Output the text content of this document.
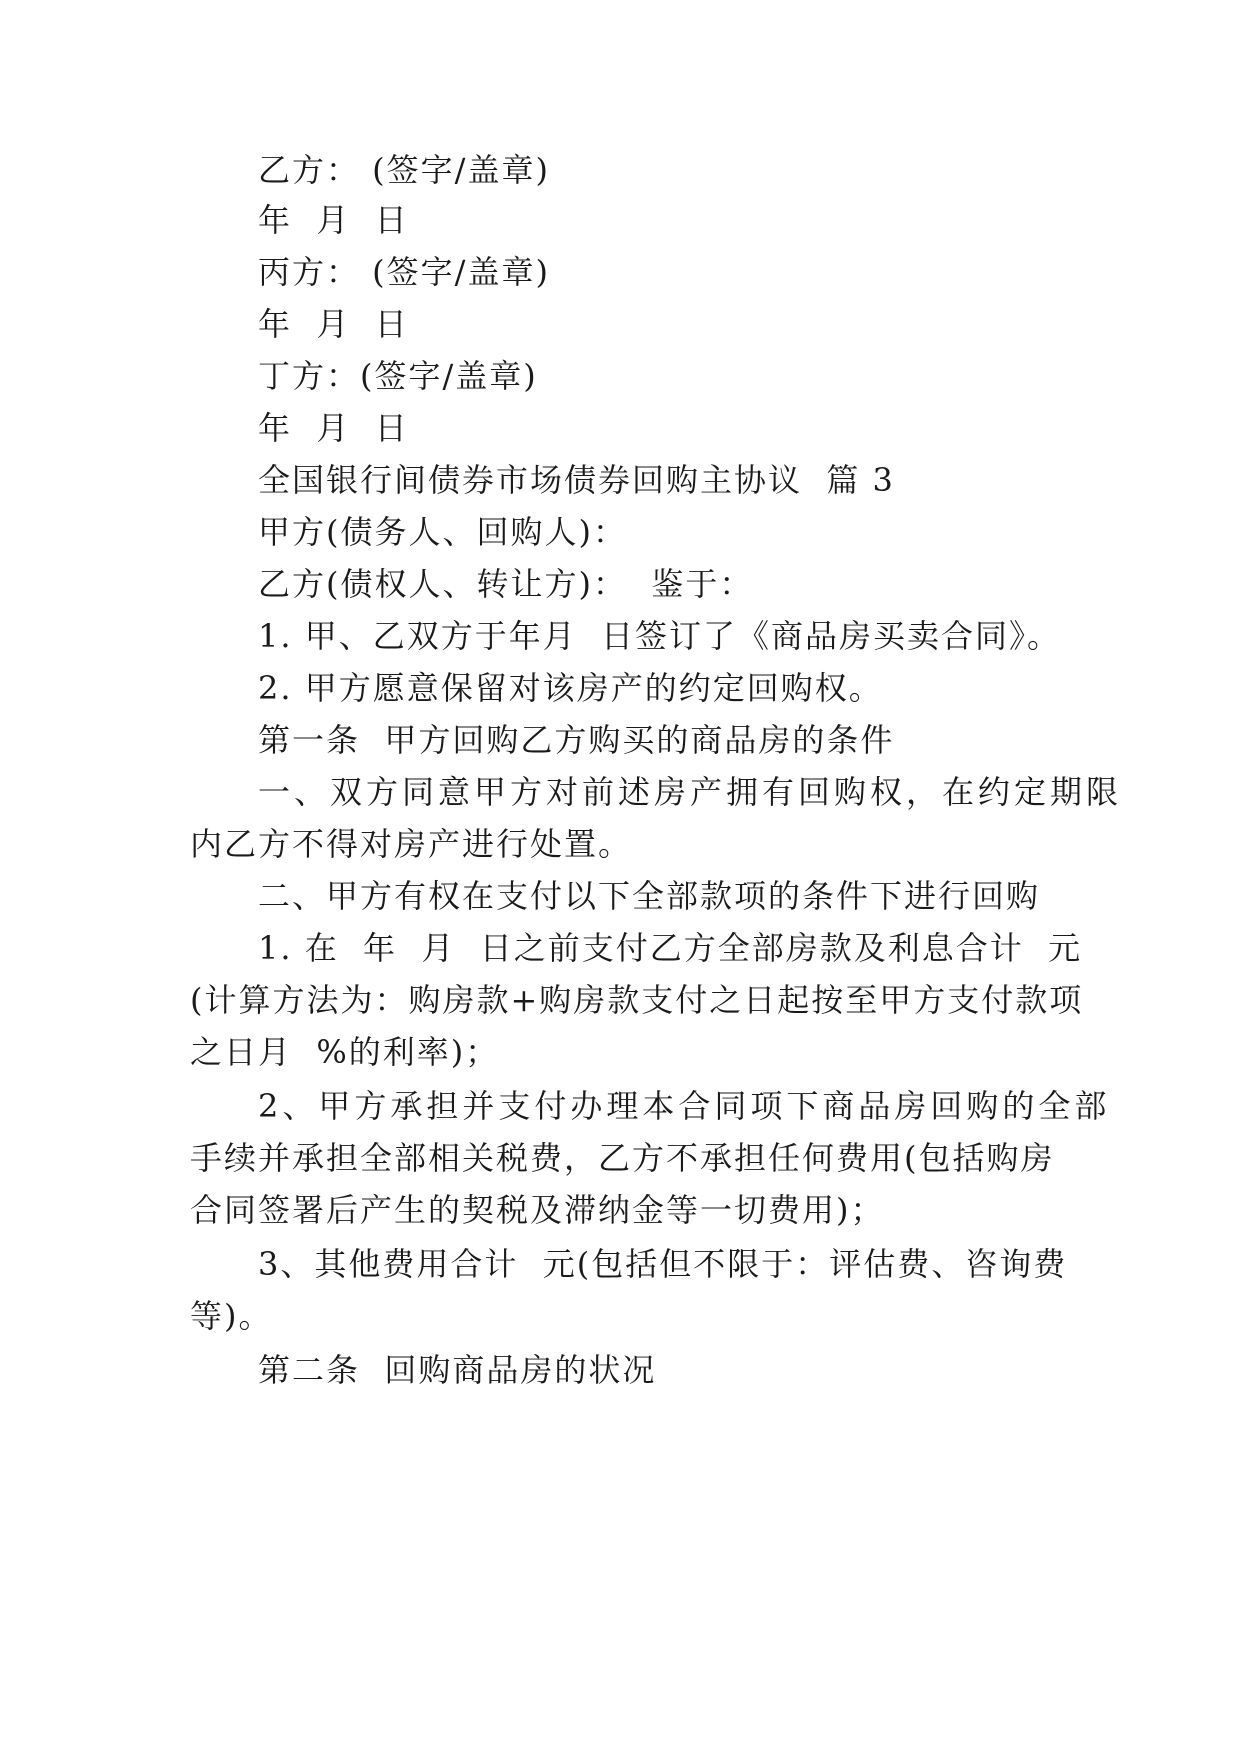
乙方： (签字/盖章)
年  月  日
丙方： (签字/盖章)
年  月  日
丁方：(签字/盖章)
年  月  日
全国银行间债券市场债券回购主协议  篇 3
甲方(债务人、回购人)：
乙方(债权人、转让方)：  鉴于：
1. 甲、乙双方于年月  日签订了《商品房买卖合同》。
2. 甲方愿意保留对该房产的约定回购权。
第一条  甲方回购乙方购买的商品房的条件
一、双方同意甲方对前述房产拥有回购权，在约定期限
内乙方不得对房产进行处置。
二、甲方有权在支付以下全部款项的条件下进行回购
1. 在  年  月  日之前支付乙方全部房款及利息合计  元
(计算方法为：购房款+购房款支付之日起按至甲方支付款项
之日月  %的利率)；
2、甲方承担并支付办理本合同项下商品房回购的全部
手续并承担全部相关税费，乙方不承担任何费用(包括购房
合同签署后产生的契税及滞纳金等一切费用)；
3、其他费用合计  元(包括但不限于：评估费、咨询费
等)。
第二条  回购商品房的状况
